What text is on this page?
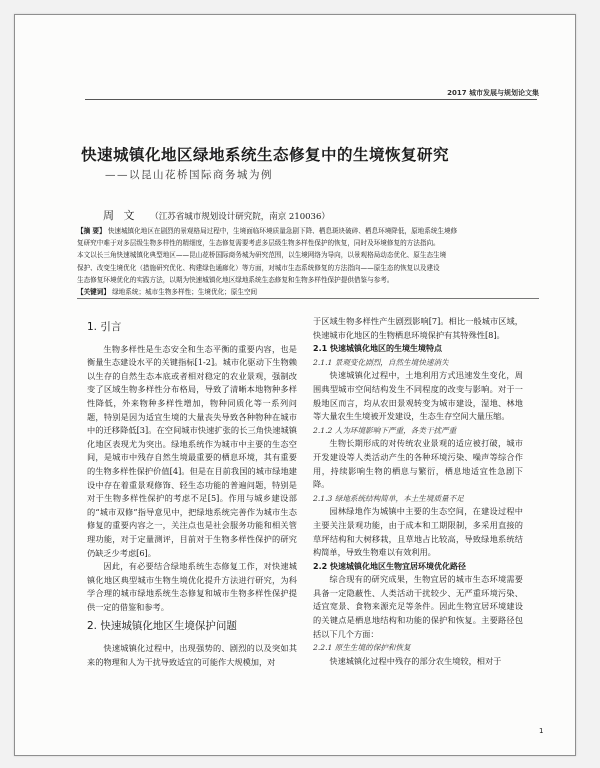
2017 城市发展与规划论文集
快速城镇化地区绿地系统生态修复中的生境恢复研究
——以昆山花桥国际商务城为例
周 文 （江苏省城市规划设计研究院，南京 210036）
【摘 要】 快速城镇化地区在剧烈的景观格局过程中，生境面临环境质量急剧下降、栖息斑块破碎、栖息环境降低，原地系统生境修
复研究中难于对多层级生物多样性的精细度，生态修复需要考虑多层级生物多样性保护的恢复，同时及环境修复的方法指向。
本文以长三角快速城镇化典型地区——昆山花桥国际商务城为研究范围，以生境网络为导向，以景观格局动态优化、原生态生境
保护、改变生境优化（措施研究优化、构建绿色通廊化）等方面，对城市生态系统修复的方法指向——原生态的恢复以及建设
生态修复环境优化的实践方法，以期为快速城镇化地区绿地系统生态修复和生物多样性保护提供借鉴与参考。
【关键词】 绿地系统；城市生物多样性；生境优化；原生空间
1. 引言

生物多样性是生态安全和生态平衡的重要内容，也是衡量生态建设水平的关键指标[1-2]。城市化驱动下生物赖以生存的自然生态本底或者相对稳定的农业景观，强制改变了区域生物多样性分布格局，导致了清晰本地物种多样性降低，外来物种多样性增加，物种同质化等一系列问题，特别是因为适宜生境的大量丧失导致各种物种在城市中的迁移降低[3]。在空间城市快速扩张的长三角快速城镇化地区表现尤为突出。绿地系统作为城市中主要的生态空间，是城市中残存自然生境最重要的栖息环境，其有重要的生物多样性保护价值[4]。但是在目前我国的城市绿地建设中存在着重景观修饰、轻生态功能的普遍问题，特别是对于生物多样性保护的考虑不足[5]。作用与城乡建设部的“城市双修”指导意见中，把绿地系统完善作为城市生态修复的重要内容之一，关注点也是社会服务功能和相关管理功能，对于定量测评，目前对于生物多样性保护的研究仍缺乏少考虑[6]。

因此，有必要结合绿地系统生态修复工作，对快速城镇化地区典型城市生物生境优化提升方法进行研究，为科学合理的城市绿地系统生态修复和城市生物多样性保护提供一定的借鉴和参考。

2. 快速城镇化地区生境保护问题

快速城镇化过程中，出现强势的、剧烈的以及突如其来的物理和人为干扰导致适宜的可能作大规模加，对

于区域生物多样性产生剧烈影响[7]。相比一般城市区域，快速城市化地区的生物栖息环境保护有其特殊性[8]。

2.1 快速城镇化地区的生境生境特点
2.1.1 景观变化剧烈，自然生境快速消失

快速城镇化过程中，土地利用方式迅速发生变化，周围典型城市空间结构发生不同程度的改变与影响。对于一般地区而言，均从农田景观转变为城市建设，湿地、林地等大量农生生境被开发建设，生态生存空间大量压缩。

2.1.2 人为环境影响下严重，各类干扰严重

生物长期形成的对传统农业景观的适应被打破，城市开发建设等人类活动产生的各种环境污染、噪声等综合作用，持续影响生物的栖息与繁衍，栖息地适宜性急剧下降。

2.1.3 绿地系统结构简单，本土生境质量不足

园林绿地作为城镇中主要的生态空间，在建设过程中主要关注景观功能，由于成本和工期限制，多采用直接的草坪结构和大树移栽，且草地占比较高，导致绿地系统结构简单，导致生物难以有效利用。

2.2 快速城镇化地区生物宜居环境优化路径

综合现有的研究成果，生物宜居的城市生态环境需要具备一定隐蔽性、人类活动干扰较少、无严重环境污染、适宜宽景、食物来源充足等条件。因此生物宜居环境建设的关键点是栖息地结构和功能的保护和恢复。主要路径包括以下几个方面：

2.2.1 原生生境的保护和恢复

快速城镇化过程中残存的部分农生境较，相对于

1
